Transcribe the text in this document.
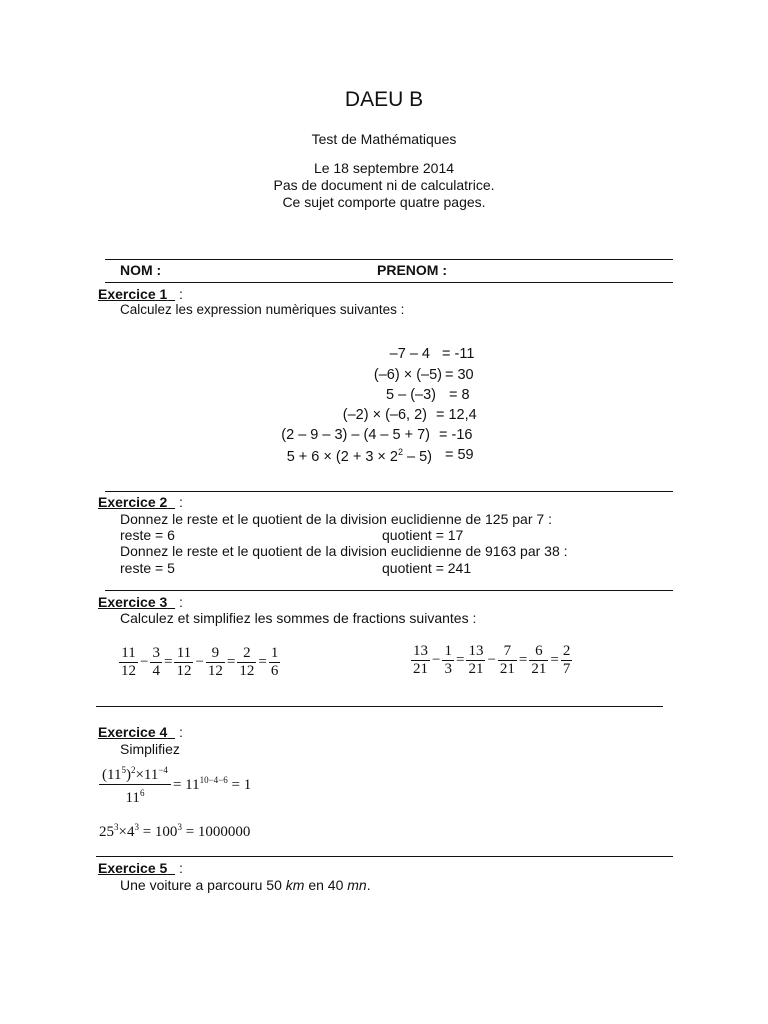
DAEU B
Test de Mathématiques
Le 18 septembre 2014
Pas de document ni de calculatrice.
Ce sujet comporte quatre pages.
NOM :	PRENOM :
Exercice 1 :
Calculez les expression numèriques suivantes :
–7 – 4 = -11
(–6) × (–5) = 30
5 – (–3) = 8
(–2) × (–6, 2) = 12,4
(2 – 9 – 3) – (4 – 5 + 7) = -16
$5 + 6 \times (2 + 3 \times 2^2 - 5) = 59$
Exercice 2 :
Donnez le reste et le quotient de la division euclidienne de 125 par 7 :
reste = 6	quotient = 17
Donnez le reste et le quotient de la division euclidienne de 9163 par 38 :
reste = 5	quotient = 241
Exercice 3 :
Calculez et simplifiez les sommes de fractions suivantes :
$\frac{11}{12} - \frac{3}{4} = \frac{11}{12} - \frac{9}{12} = \frac{2}{12} = \frac{1}{6}$	$\frac{13}{21} - \frac{1}{3} = \frac{13}{21} - \frac{7}{21} = \frac{6}{21} = \frac{2}{7}$
Exercice 4 :
Simplifiez
$\frac{(11^5)^2\times 11^{-4}}{11^6} = 11^{10-4-6} = 1$
$25^3\times 4^3 = 100^3 = 1000000$
Exercice 5 :
Une voiture a parcouru 50 km en 40 mn.
